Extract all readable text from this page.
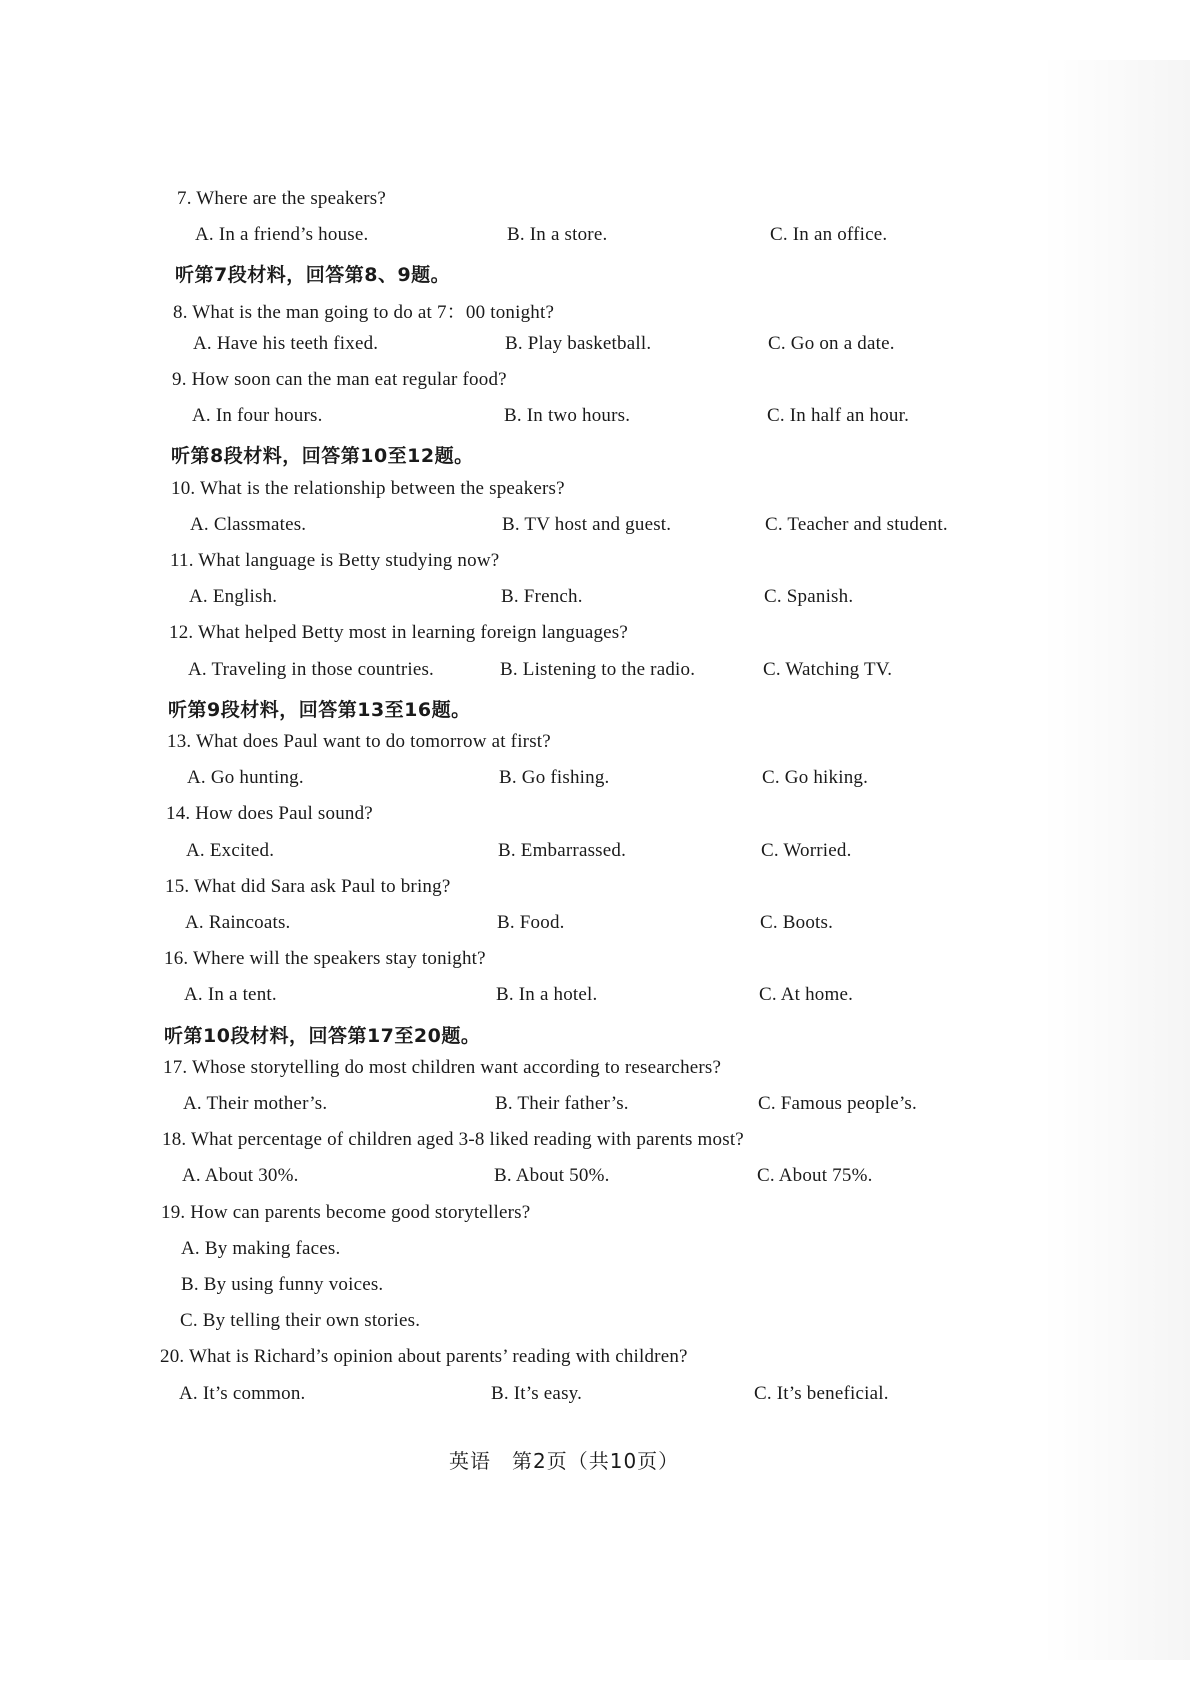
7. Where are the speakers?
A. In a friend’s house.	B. In a store.	C. In an office.
听第7段材料，回答第8、9题。
8. What is the man going to do at 7：00 tonight?
A. Have his teeth fixed.	B. Play basketball.	C. Go on a date.
9. How soon can the man eat regular food?
A. In four hours.	B. In two hours.	C. In half an hour.
听第8段材料，回答第10至12题。
10. What is the relationship between the speakers?
A. Classmates.	B. TV host and guest.	C. Teacher and student.
11. What language is Betty studying now?
A. English.	B. French.	C. Spanish.
12. What helped Betty most in learning foreign languages?
A. Traveling in those countries.	B. Listening to the radio.	C. Watching TV.
听第9段材料，回答第13至16题。
13. What does Paul want to do tomorrow at first?
A. Go hunting.	B. Go fishing.	C. Go hiking.
14. How does Paul sound?
A. Excited.	B. Embarrassed.	C. Worried.
15. What did Sara ask Paul to bring?
A. Raincoats.	B. Food.	C. Boots.
16. Where will the speakers stay tonight?
A. In a tent.	B. In a hotel.	C. At home.
听第10段材料，回答第17至20题。
17. Whose storytelling do most children want according to researchers?
A. Their mother’s.	B. Their father’s.	C. Famous people’s.
18. What percentage of children aged 3-8 liked reading with parents most?
A. About 30%.	B. About 50%.	C. About 75%.
19. How can parents become good storytellers?
A. By making faces.
B. By using funny voices.
C. By telling their own stories.
20. What is Richard’s opinion about parents’ reading with children?
A. It’s common.	B. It’s easy.	C. It’s beneficial.
英语　第2页（共10页）
